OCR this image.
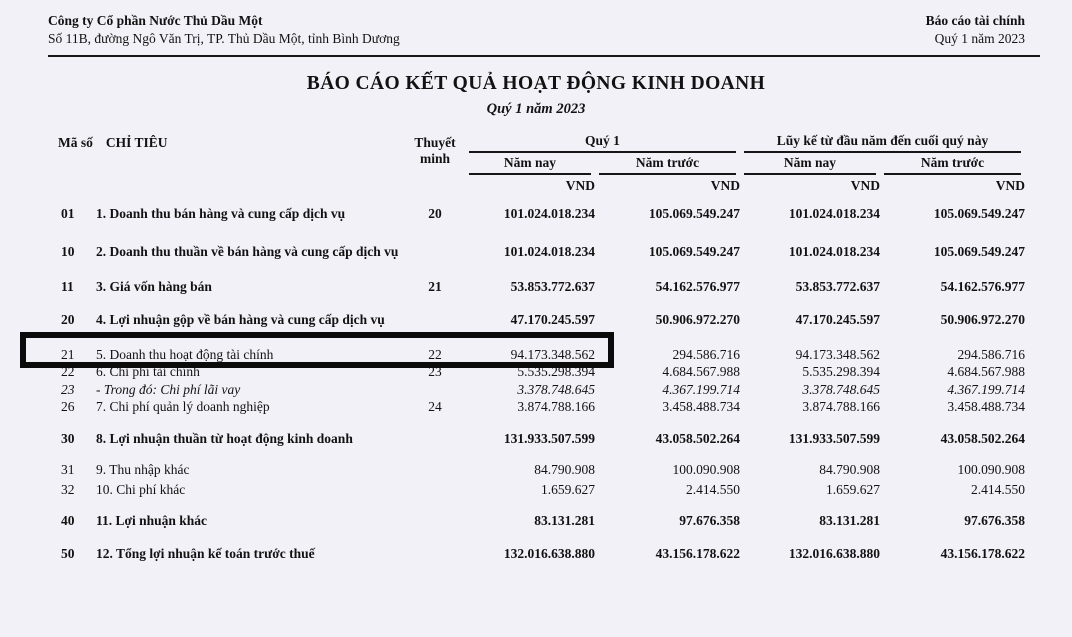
Công ty Cổ phần Nước Thủ Dầu Một
Số 11B, đường Ngô Văn Trị, TP. Thủ Dầu Một, tỉnh Bình Dương
Báo cáo tài chính
Quý 1 năm 2023
BÁO CÁO KẾT QUẢ HOẠT ĐỘNG KINH DOANH
Quý 1 năm 2023
Mã số CHỈ TIÊU	Thuyết
minh
Quý 1	Lũy kế từ đầu năm đến cuối quý này
Năm nay	Năm trước	Năm nay	Năm trước
VND	VND	VND	VND
01	1. Doanh thu bán hàng và cung cấp dịch vụ	20	101.024.018.234	105.069.549.247	101.024.018.234	105.069.549.247
10	2. Doanh thu thuần về bán hàng và cung cấp dịch vụ	101.024.018.234	105.069.549.247	101.024.018.234	105.069.549.247
11	3. Giá vốn hàng bán	21	53.853.772.637	54.162.576.977	53.853.772.637	54.162.576.977
20	4. Lợi nhuận gộp về bán hàng và cung cấp dịch vụ	47.170.245.597	50.906.972.270	47.170.245.597	50.906.972.270
21	5. Doanh thu hoạt động tài chính	22	94.173.348.562	294.586.716	94.173.348.562	294.586.716
22	6. Chi phí tài chính	23	5.535.298.394	4.684.567.988	5.535.298.394	4.684.567.988
23	- Trong đó: Chi phí lãi vay	3.378.748.645	4.367.199.714	3.378.748.645	4.367.199.714
26	7. Chi phí quản lý doanh nghiệp	24	3.874.788.166	3.458.488.734	3.874.788.166	3.458.488.734
30	8. Lợi nhuận thuần từ hoạt động kinh doanh	131.933.507.599	43.058.502.264	131.933.507.599	43.058.502.264
31	9. Thu nhập khác	84.790.908	100.090.908	84.790.908	100.090.908
32	10. Chi phí khác	1.659.627	2.414.550	1.659.627	2.414.550
40	11. Lợi nhuận khác	83.131.281	97.676.358	83.131.281	97.676.358
50	12. Tổng lợi nhuận kế toán trước thuế	132.016.638.880	43.156.178.622	132.016.638.880	43.156.178.622
